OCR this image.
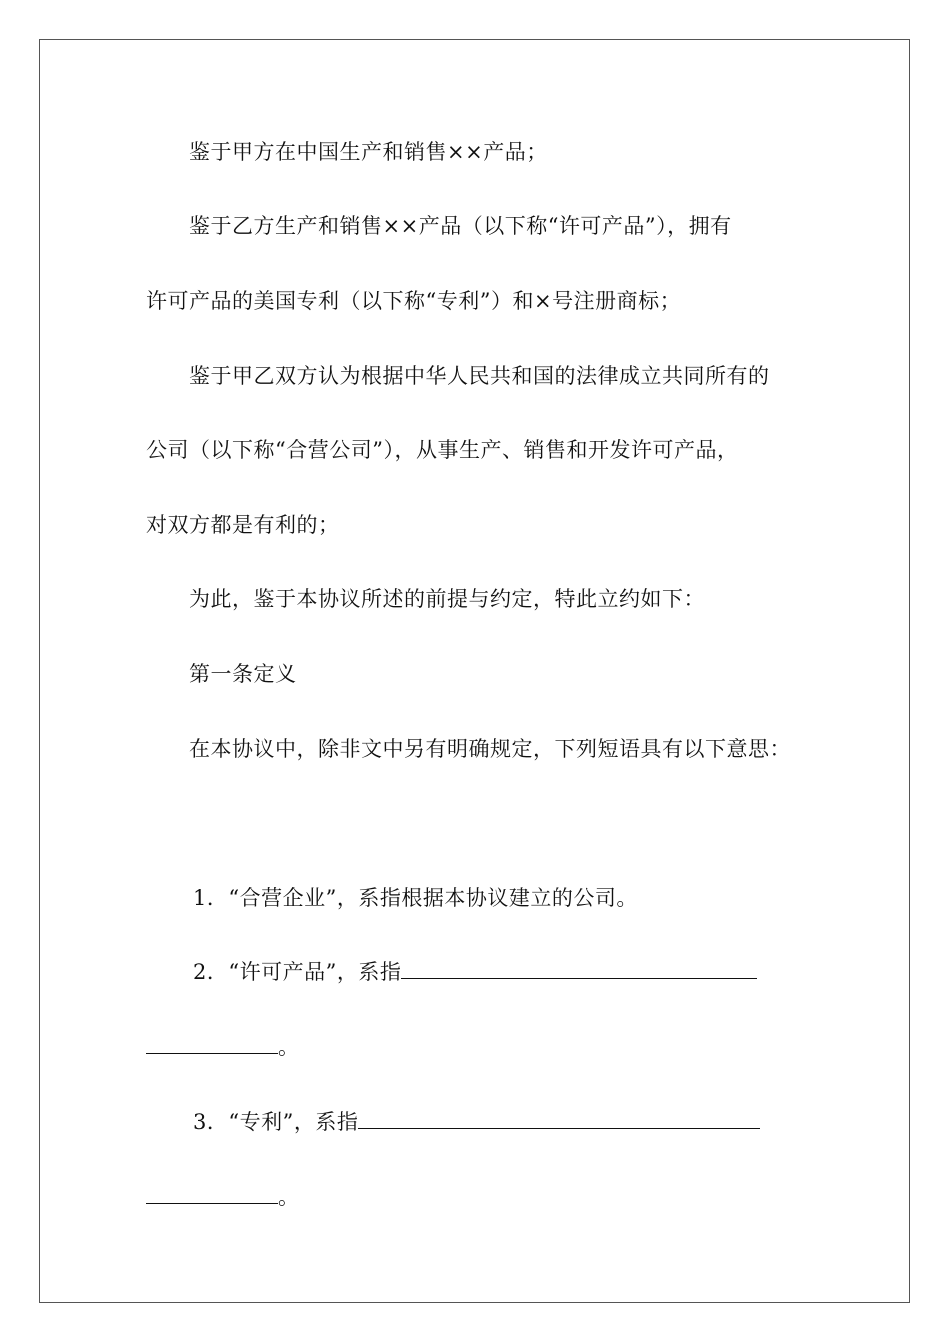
鉴于甲方在中国生产和销售××产品；
鉴于乙方生产和销售××产品（以下称“许可产品”），拥有
许可产品的美国专利（以下称“专利”）和×号注册商标；
鉴于甲乙双方认为根据中华人民共和国的法律成立共同所有的
公司（以下称“合营公司”），从事生产、销售和开发许可产品，
对双方都是有利的；
为此，鉴于本协议所述的前提与约定，特此立约如下：
第一条定义
在本协议中，除非文中另有明确规定，下列短语具有以下意思：
1．“合营企业”，系指根据本协议建立的公司。
2．“许可产品”，系指
。
3．“专利”，系指
。
